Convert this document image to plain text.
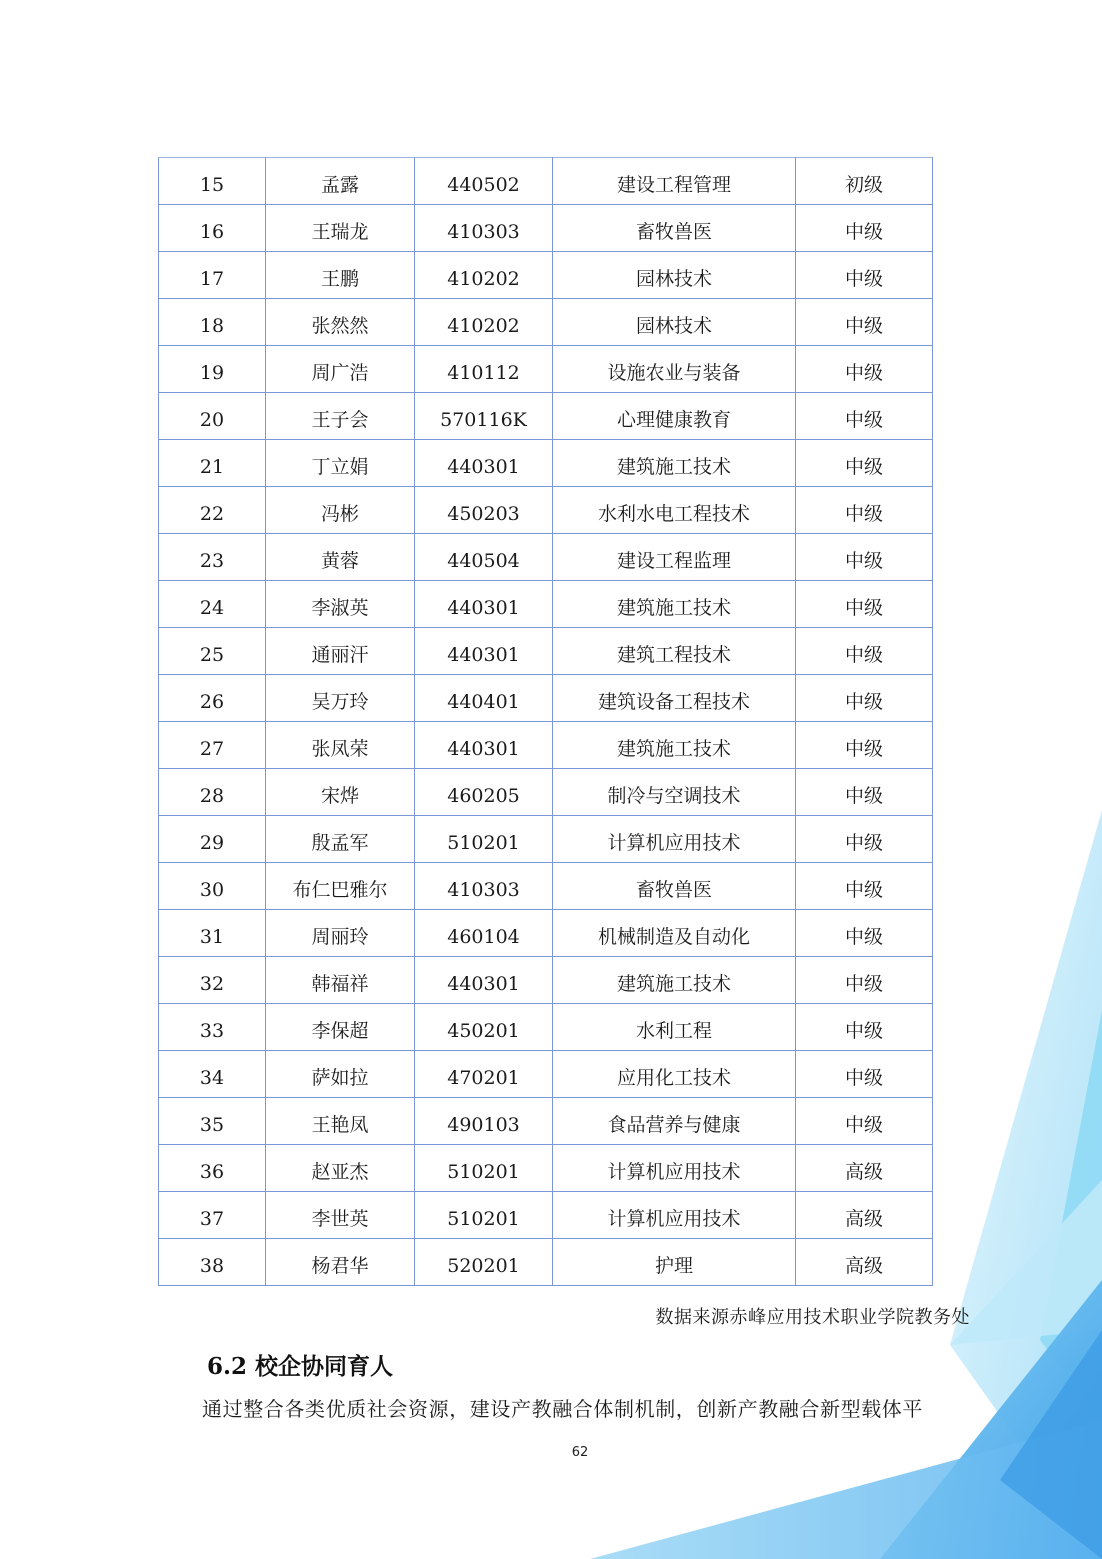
15	孟露	440502	建设工程管理	初级
16	王瑞龙	410303	畜牧兽医	中级
17	王鹏	410202	园林技术	中级
18	张然然	410202	园林技术	中级
19	周广浩	410112	设施农业与装备	中级
20	王子会	570116K	心理健康教育	中级
21	丁立娟	440301	建筑施工技术	中级
22	冯彬	450203	水利水电工程技术	中级
23	黄蓉	440504	建设工程监理	中级
24	李淑英	440301	建筑施工技术	中级
25	通丽汗	440301	建筑工程技术	中级
26	吴万玲	440401	建筑设备工程技术	中级
27	张凤荣	440301	建筑施工技术	中级
28	宋烨	460205	制冷与空调技术	中级
29	殷孟军	510201	计算机应用技术	中级
30	布仁巴雅尔	410303	畜牧兽医	中级
31	周丽玲	460104	机械制造及自动化	中级
32	韩福祥	440301	建筑施工技术	中级
33	李保超	450201	水利工程	中级
34	萨如拉	470201	应用化工技术	中级
35	王艳凤	490103	食品营养与健康	中级
36	赵亚杰	510201	计算机应用技术	高级
37	李世英	510201	计算机应用技术	高级
38	杨君华	520201	护理	高级
数据来源赤峰应用技术职业学院教务处
6.2 校企协同育人
通过整合各类优质社会资源，建设产教融合体制机制，创新产教融合新型载体平
62
